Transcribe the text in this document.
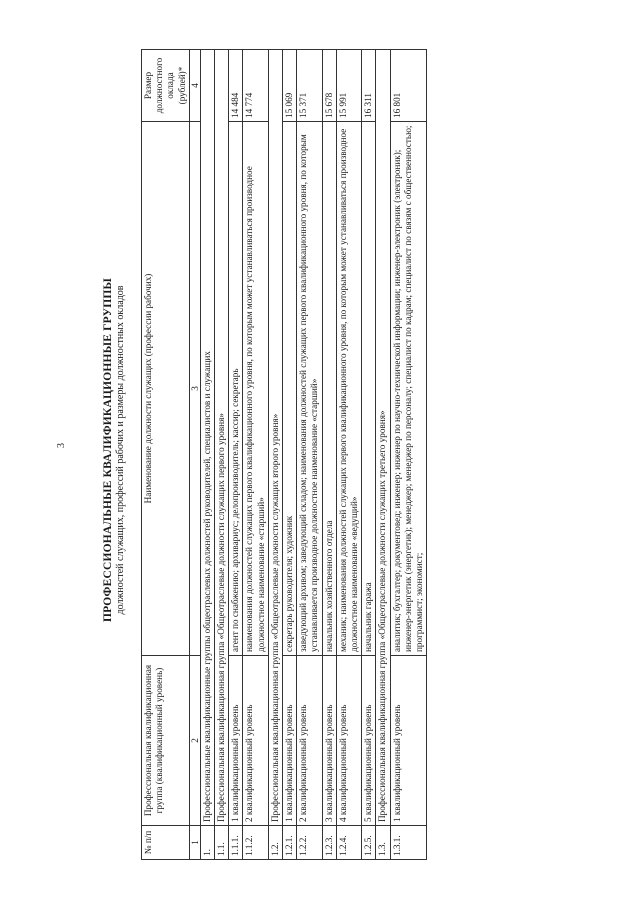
3	ПРОФЕССИОНАЛЬНЫЕ КВАЛИФИКАЦИОННЫЕ ГРУППЫ должностей служащих, профессий рабочих и размеры должностных окладов
№ п/п	Профессиональная квалификационная группа (квалификационный уровень)	Наименование должности служащих (профессии рабочих)	Размер должностного оклада (рублей)*
1	2	3	4
1.	Профессиональные квалификационные группы общеотраслевых должностей руководителей, специалистов и служащих		
1.1.	Профессиональная квалификационная группа «Общеотраслевые должности служащих первого уровня»		
1.1.1.	1 квалификационный уровень	агент по снабжению; архивариус; делопроизводитель; кассир; секретарь	14 484
1.1.2.	2 квалификационный уровень	наименования должностей служащих первого квалификационного уровня, по которым может устанавливаться производное должностное наименование «старший»	14 774
1.2.	Профессиональная квалификационная группа «Общеотраслевые должности служащих второго уровня»		
1.2.1.	1 квалификационный уровень	секретарь руководителя; художник	15 069
1.2.2.	2 квалификационный уровень	заведующий архивом; заведующий складом; наименования должностей служащих первого квалификационного уровня, по которым устанавливается производное должностное наименование «старший»	15 371
1.2.3.	3 квалификационный уровень	начальник хозяйственного отдела	15 678
1.2.4.	4 квалификационный уровень	механик; наименования должностей служащих первого квалификационного уровня, по которым может устанавливаться производное должностное наименование «ведущий»	15 991
1.2.5.	5 квалификационный уровень	начальник гаража	16 311
1.3.	Профессиональная квалификационная группа «Общеотраслевые должности служащих третьего уровня»		
1.3.1.	1 квалификационный уровень	аналитик; бухгалтер; документовед; инженер; инженер по научно-технической информации; инженер-электроник (электроник); инженер-энергетик (энергетик); менеджер; менеджер по персоналу; специалист по кадрам; специалист по связям с общественностью; программист; экономист;	16 801
